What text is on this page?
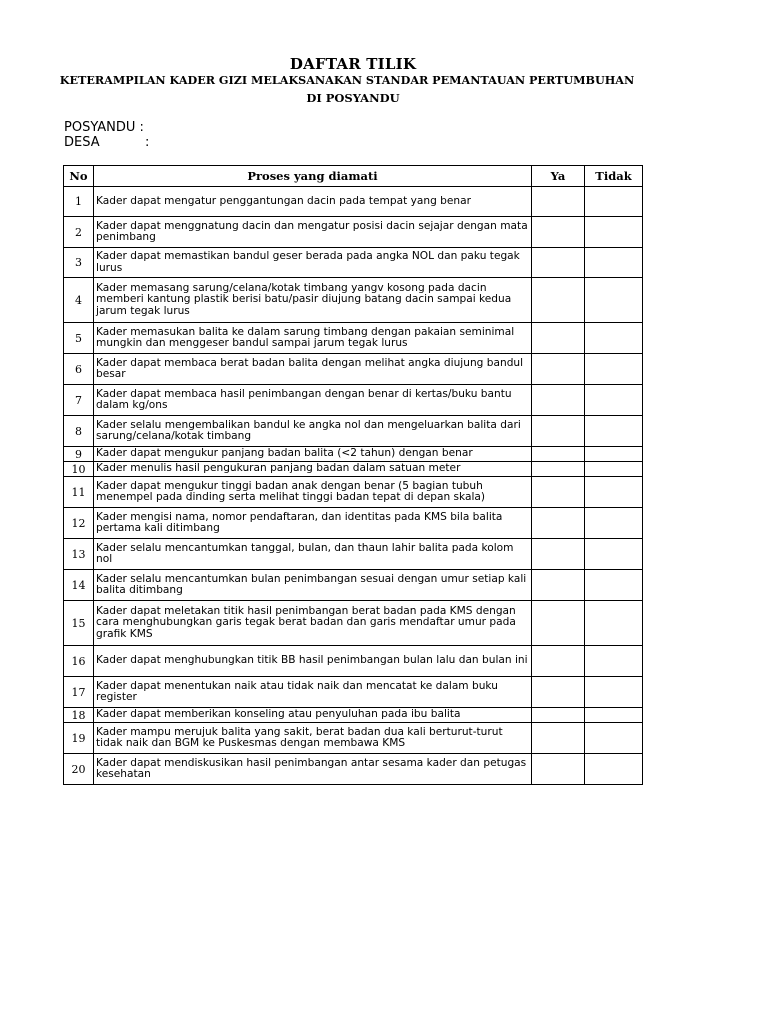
DAFTAR TILIK
KETERAMPILAN KADER GIZI MELAKSANAKAN STANDAR PEMANTAUAN PERTUMBUHAN
DI POSYANDU
POSYANDU :
DESA	:
No	Proses yang diamati	Ya	Tidak
1	Kader dapat mengatur penggantungan dacin pada tempat yang benar		
2	Kader dapat menggnatung dacin dan mengatur posisi dacin sejajar dengan mata penimbang		
3	Kader dapat memastikan bandul geser berada pada angka NOL dan paku tegak lurus		
4	Kader memasang sarung/celana/kotak timbang yangv kosong pada dacin memberi kantung plastik berisi batu/pasir diujung batang dacin sampai kedua jarum tegak lurus		
5	Kader memasukan balita ke dalam sarung timbang dengan pakaian seminimal mungkin dan menggeser bandul sampai jarum tegak lurus		
6	Kader dapat membaca berat badan balita dengan melihat angka diujung bandul besar		
7	Kader dapat membaca hasil penimbangan dengan benar di kertas/buku bantu dalam kg/ons		
8	Kader selalu mengembalikan bandul ke angka nol dan mengeluarkan balita dari sarung/celana/kotak timbang		
9	Kader dapat mengukur panjang badan balita (<2 tahun) dengan benar		
10	Kader menulis hasil pengukuran panjang badan dalam satuan meter		
11	Kader dapat mengukur tinggi badan anak dengan benar (5 bagian tubuh menempel pada dinding serta melihat tinggi badan tepat di depan skala)		
12	Kader mengisi nama, nomor pendaftaran, dan identitas pada KMS bila balita pertama kali ditimbang		
13	Kader selalu mencantumkan tanggal, bulan, dan thaun lahir balita pada kolom nol		
14	Kader selalu mencantumkan bulan penimbangan sesuai dengan umur setiap kali balita ditimbang		
15	Kader dapat meletakan titik hasil penimbangan berat badan pada KMS dengan cara menghubungkan garis tegak berat badan dan garis mendaftar umur pada grafik KMS		
16	Kader dapat menghubungkan titik BB hasil penimbangan bulan lalu dan bulan ini		
17	Kader dapat menentukan naik atau tidak naik dan mencatat ke dalam buku register		
18	Kader dapat memberikan konseling atau penyuluhan pada ibu balita		
19	Kader mampu merujuk balita yang sakit, berat badan dua kali berturut-turut tidak naik dan BGM ke Puskesmas dengan membawa KMS		
20	Kader dapat mendiskusikan hasil penimbangan antar sesama kader dan petugas kesehatan		
